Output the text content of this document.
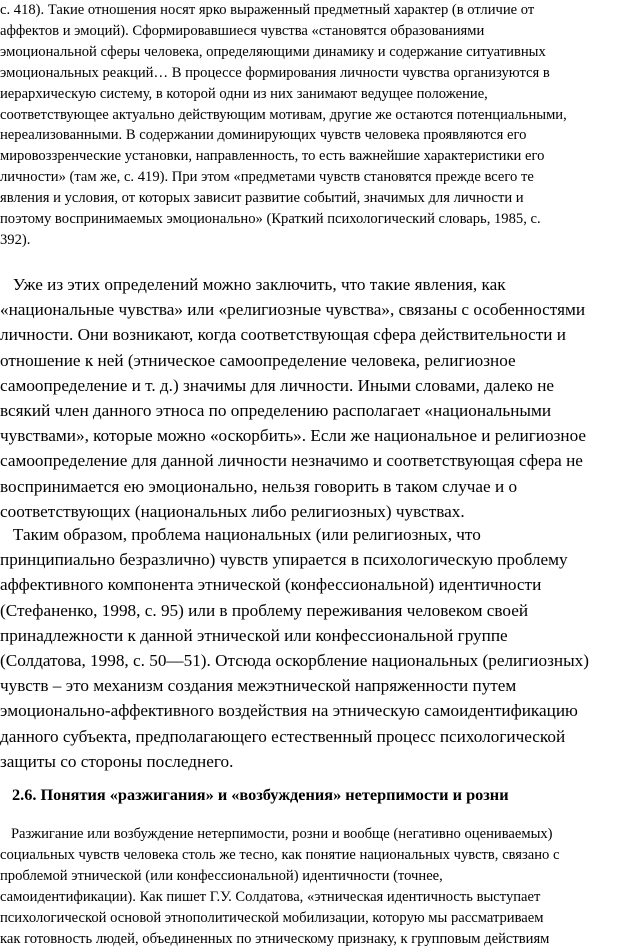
с. 418). Такие отношения носят ярко выраженный предметный характер (в отличие от
аффектов и эмоций). Сформировавшиеся чувства «становятся образованиями
эмоциональной сферы человека, определяющими динамику и содержание ситуативных
эмоциональных реакций… В процессе формирования личности чувства организуются в
иерархическую систему, в которой одни из них занимают ведущее положение,
соответствующее актуально действующим мотивам, другие же остаются потенциальными,
нереализованными. В содержании доминирующих чувств человека проявляются его
мировоззренческие установки, направленность, то есть важнейшие характеристики его
личности» (там же, с. 419). При этом «предметами чувств становятся прежде всего те
явления и условия, от которых зависит развитие событий, значимых для личности и
поэтому воспринимаемых эмоционально» (Краткий психологический словарь, 1985, с.
392).
Уже из этих определений можно заключить, что такие явления, как
«национальные чувства» или «религиозные чувства», связаны с особенностями
личности. Они возникают, когда соответствующая сфера действительности и
отношение к ней (этническое самоопределение человека, религиозное
самоопределение и т. д.) значимы для личности. Иными словами, далеко не
всякий член данного этноса по определению располагает «национальными
чувствами», которые можно «оскорбить». Если же национальное и религиозное
самоопределение для данной личности незначимо и соответствующая сфера не
воспринимается ею эмоционально, нельзя говорить в таком случае и о
соответствующих (национальных либо религиозных) чувствах.
Таким образом, проблема национальных (или религиозных, что
принципиально безразлично) чувств упирается в психологическую проблему
аффективного компонента этнической (конфессиональной) идентичности
(Стефаненко, 1998, с. 95) или в проблему переживания человеком своей
принадлежности к данной этнической или конфессиональной группе
(Солдатова, 1998, с. 50—51). Отсюда оскорбление национальных (религиозных)
чувств – это механизм создания межэтнической напряженности путем
эмоционально-аффективного воздействия на этническую самоидентификацию
данного субъекта, предполагающего естественный процесс психологической
защиты со стороны последнего.
2.6. Понятия «разжигания» и «возбуждения» нетерпимости и розни
Разжигание или возбуждение нетерпимости, розни и вообще (негативно оцениваемых)
социальных чувств человека столь же тесно, как понятие национальных чувств, связано с
проблемой этнической (или конфессиональной) идентичности (точнее,
самоидентификации). Как пишет Г.У. Солдатова, «этническая идентичность выступает
психологической основой этнополитической мобилизации, которую мы рассматриваем
как готовность людей, объединенных по этническому признаку, к групповым действиям
